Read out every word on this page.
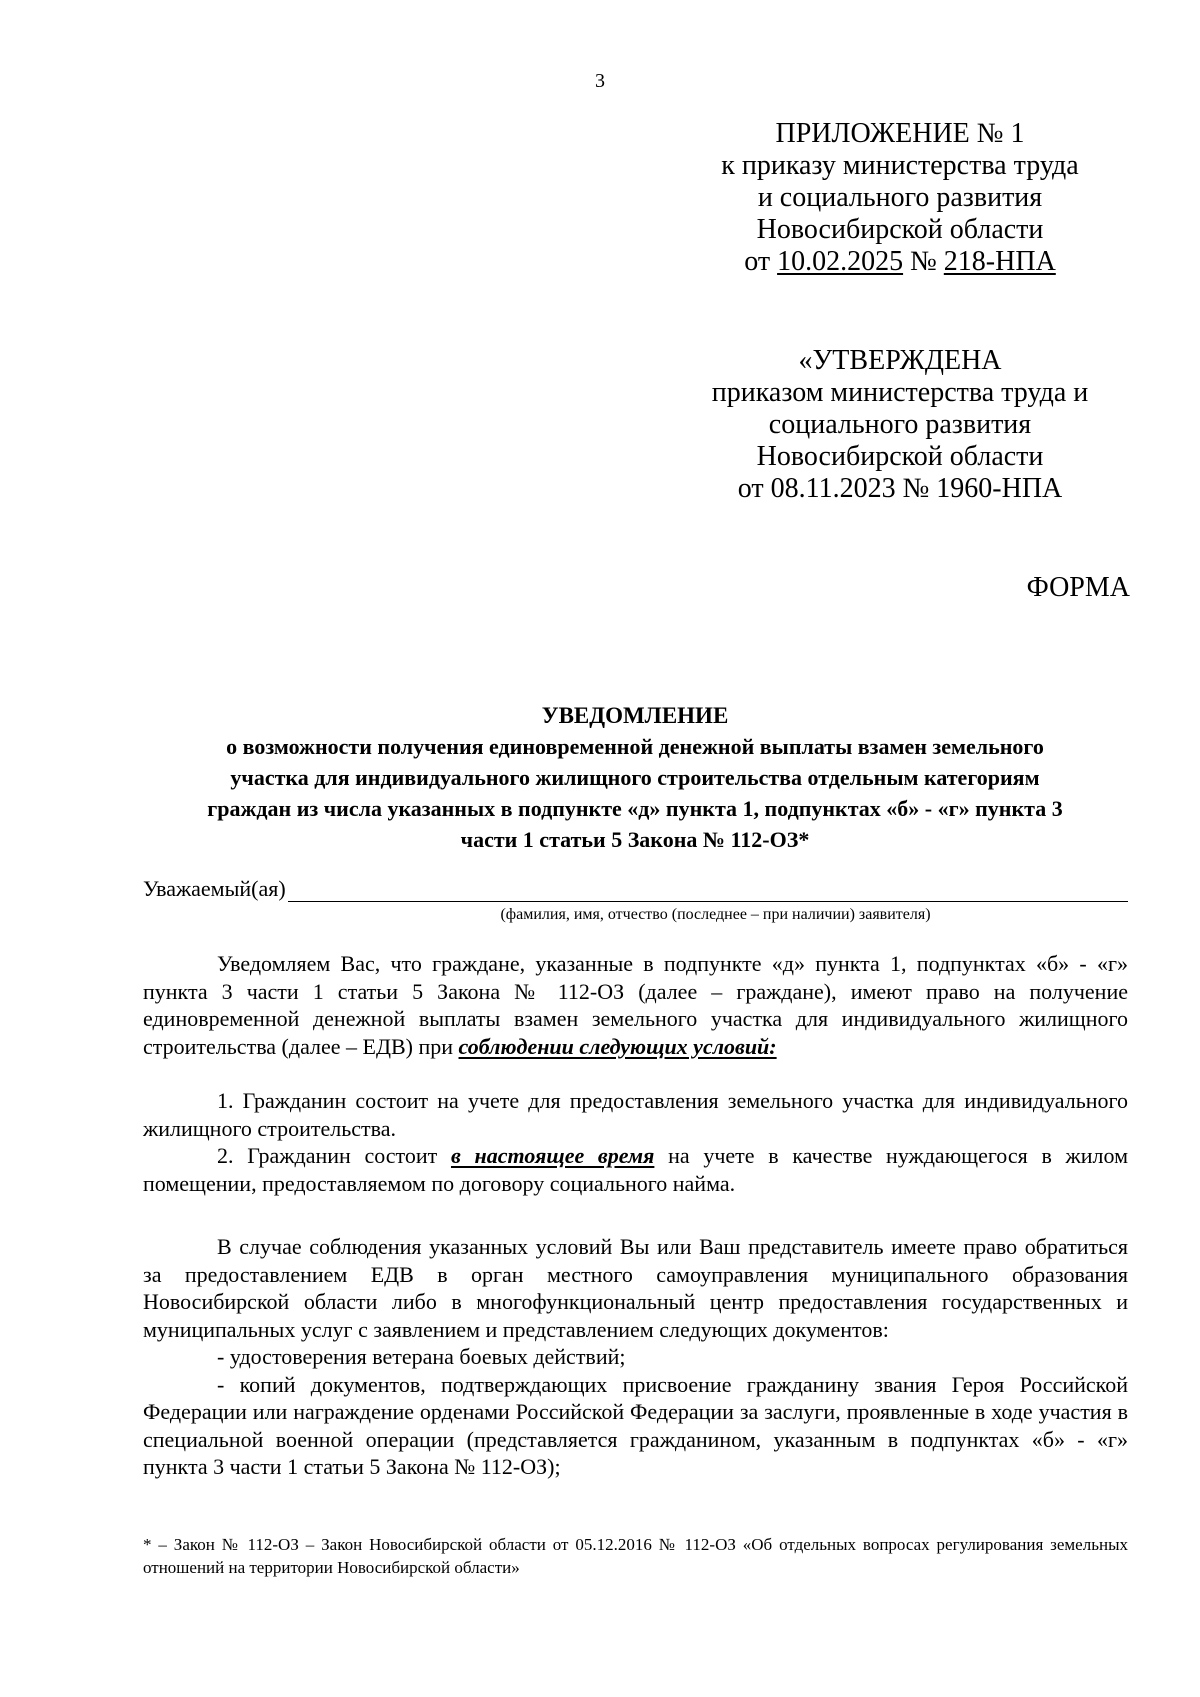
3
ПРИЛОЖЕНИЕ № 1
к приказу министерства труда
и социального развития
Новосибирской области
от 10.02.2025 № 218-НПА
«УТВЕРЖДЕНА
приказом министерства труда и
социального развития
Новосибирской области
от 08.11.2023 № 1960-НПА
ФОРМА
УВЕДОМЛЕНИЕ
о возможности получения единовременной денежной выплаты взамен земельного
участка для индивидуального жилищного строительства отдельным категориям
граждан из числа указанных в подпункте «д» пункта 1, подпунктах «б» - «г» пункта 3
части 1 статьи 5 Закона № 112-ОЗ*
Уважаемый(ая)
(фамилия, имя, отчество (последнее – при наличии) заявителя)

Уведомляем Вас, что граждане, указанные в подпункте «д» пункта 1, подпунктах «б» - «г» пункта 3 части 1 статьи 5 Закона № 112-ОЗ (далее – граждане), имеют право на получение единовременной денежной выплаты взамен земельного участка для индивидуального жилищного строительства (далее – ЕДВ) при соблюдении следующих условий:

1. Гражданин состоит на учете для предоставления земельного участка для индивидуального жилищного строительства.

2. Гражданин состоит в настоящее время на учете в качестве нуждающегося в жилом помещении, предоставляемом по договору социального найма.

В случае соблюдения указанных условий Вы или Ваш представитель имеете право обратиться за предоставлением ЕДВ в орган местного самоуправления муниципального образования Новосибирской области либо в многофункциональный центр предоставления государственных и муниципальных услуг с заявлением и представлением следующих документов:

- удостоверения ветерана боевых действий;

- копий документов, подтверждающих присвоение гражданину звания Героя Российской Федерации или награждение орденами Российской Федерации за заслуги, проявленные в ходе участия в специальной военной операции (представляется гражданином, указанным в подпунктах «б» - «г» пункта 3 части 1 статьи 5 Закона № 112-ОЗ);

* – Закон № 112-ОЗ – Закон Новосибирской области от 05.12.2016 № 112-ОЗ «Об отдельных вопросах регулирования земельных отношений на территории Новосибирской области»
